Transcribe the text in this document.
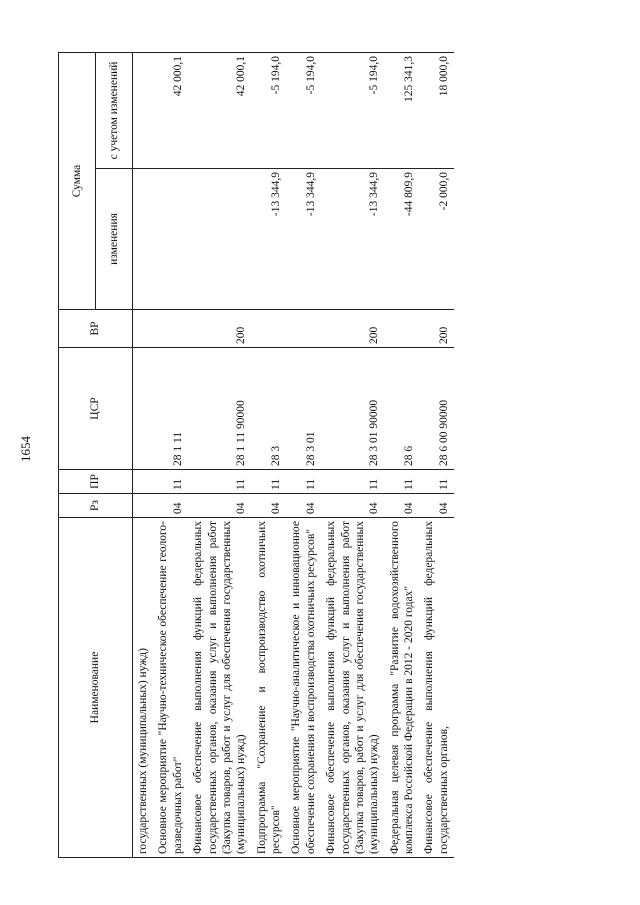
1654
Наименование	Рз	ПР	ЦСР	ВР	Сумма	
					изменения	с учетом изменений
государственных (муниципальных) нужд)						
Основное мероприятие "Научно-техническое обеспечение геолого-разведочных работ"	04	11	28 1 11			42 000,1
Финансовое обеспечение выполнения функций федеральных государственных органов, оказания услуг и выполнения работ (Закупка товаров, работ и услуг для обеспечения государственных (муниципальных) нужд)	04	11	28 1 11 90000	200		42 000,1
Подпрограмма "Сохранение и воспроизводство охотничьих ресурсов"	04	11	28 3		-13 344,9	-5 194,0
Основное мероприятие "Научно-аналитическое и инновационное обеспечение сохранения и воспроизводства охотничьих ресурсов"	04	11	28 3 01		-13 344,9	-5 194,0
Финансовое обеспечение выполнения функций федеральных государственных органов, оказания услуг и выполнения работ (Закупка товаров, работ и услуг для обеспечения государственных (муниципальных) нужд)	04	11	28 3 01 90000	200	-13 344,9	-5 194,0
Федеральная целевая программа "Развитие водохозяйственного комплекса Российской Федерации в 2012 - 2020 годах"	04	11	28 6		-44 809,9	125 341,3
Финансовое обеспечение выполнения функций федеральных государственных органов,	04	11	28 6 00 90000	200	-2 000,0	18 000,0
